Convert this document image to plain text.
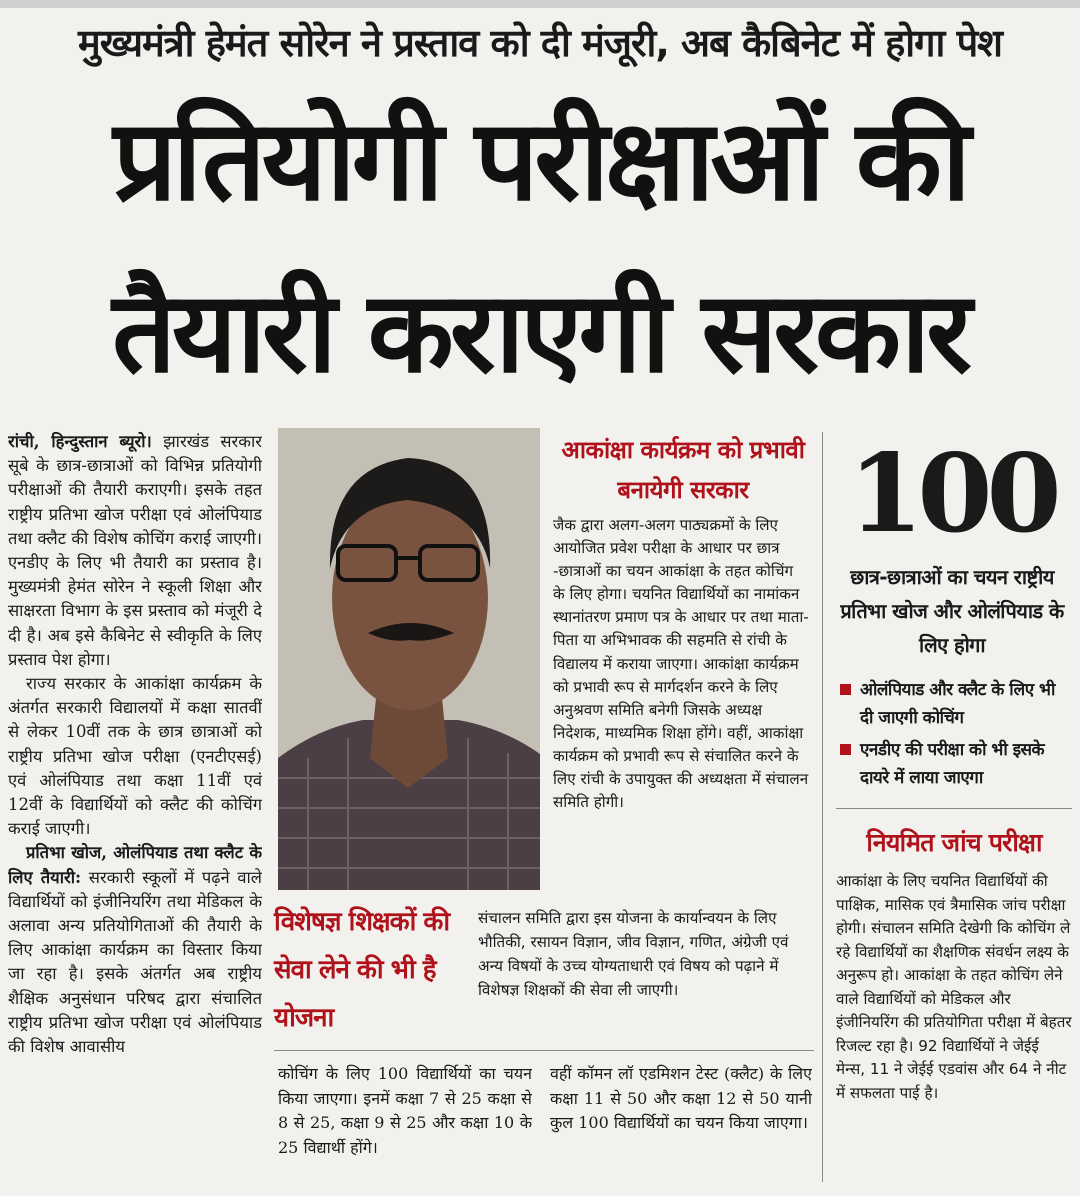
मुख्यमंत्री हेमंत सोरेन ने प्रस्ताव को दी मंजूरी, अब कैबिनेट में होगा पेश
प्रतियोगी परीक्षाओं की
तैयारी कराएगी सरकार

रांची, हिन्दुस्तान ब्यूरो। झारखंड सरकार सूबे के छात्र-छात्राओं को विभिन्न प्रतियोगी परीक्षाओं की तैयारी कराएगी। इसके तहत राष्ट्रीय प्रतिभा खोज परीक्षा एवं ओलंपियाड तथा क्लैट की विशेष कोचिंग कराई जाएगी। एनडीए के लिए भी तैयारी का प्रस्ताव है। मुख्यमंत्री हेमंत सोरेन ने स्कूली शिक्षा और साक्षरता विभाग के इस प्रस्ताव को मंजूरी दे दी है। अब इसे कैबिनेट से स्वीकृति के लिए प्रस्ताव पेश होगा।

राज्य सरकार के आकांक्षा कार्यक्रम के अंतर्गत सरकारी विद्यालयों में कक्षा सातवीं से लेकर 10वीं तक के छात्र छात्राओं को राष्ट्रीय प्रतिभा खोज परीक्षा (एनटीएसई) एवं ओलंपियाड तथा कक्षा 11वीं एवं 12वीं के विद्यार्थियों को क्लैट की कोचिंग कराई जाएगी।

प्रतिभा खोज, ओलंपियाड तथा क्लैट के लिए तैयारी: सरकारी स्कूलों में पढ़ने वाले विद्यार्थियों को इंजीनियरिंग तथा मेडिकल के अलावा अन्य प्रतियोगिताओं की तैयारी के लिए आकांक्षा कार्यक्रम का विस्तार किया जा रहा है। इसके अंतर्गत अब राष्ट्रीय शैक्षिक अनुसंधान परिषद द्वारा संचालित राष्ट्रीय प्रतिभा खोज परीक्षा एवं ओलंपियाड की विशेष आवासीय

आकांक्षा कार्यक्रम को प्रभावी बनायेगी सरकार
जैक द्वारा अलग-अलग पाठ्यक्रमों के लिए आयोजित प्रवेश परीक्षा के आधार पर छात्र -छात्राओं का चयन आकांक्षा के तहत कोचिंग के लिए होगा। चयनित विद्यार्थियों का नामांकन स्थानांतरण प्रमाण पत्र के आधार पर तथा माता-पिता या अभिभावक की सहमति से रांची के विद्यालय में कराया जाएगा। आकांक्षा कार्यक्रम को प्रभावी रूप से मार्गदर्शन करने के लिए अनुश्रवण समिति बनेगी जिसके अध्यक्ष निदेशक, माध्यमिक शिक्षा होंगे। वहीं, आकांक्षा कार्यक्रम को प्रभावी रूप से संचालित करने के लिए रांची के उपायुक्त की अध्यक्षता में संचालन समिति होगी।
100
छात्र-छात्राओं का चयन राष्ट्रीय प्रतिभा खोज और ओलंपियाड के लिए होगा
ओलंपियाड और क्लैट के लिए भी दी जाएगी कोचिंग
एनडीए की परीक्षा को भी इसके दायरे में लाया जाएगा
नियमित जांच परीक्षा
आकांक्षा के लिए चयनित विद्यार्थियों की पाक्षिक, मासिक एवं त्रैमासिक जांच परीक्षा होगी। संचालन समिति देखेगी कि कोचिंग ले रहे विद्यार्थियों का शैक्षणिक संवर्धन लक्ष्य के अनुरूप हो। आकांक्षा के तहत कोचिंग लेने वाले विद्यार्थियों को मेडिकल और इंजीनियरिंग की प्रतियोगिता परीक्षा में बेहतर रिजल्ट रहा है। 92 विद्यार्थियों ने जेईई मेन्स, 11 ने जेईई एडवांस और 64 ने नीट में सफलता पाई है।
विशेषज्ञ शिक्षकों की सेवा लेने की भी है योजना
संचालन समिति द्वारा इस योजना के कार्यान्वयन के लिए भौतिकी, रसायन विज्ञान, जीव विज्ञान, गणित, अंग्रेजी एवं अन्य विषयों के उच्च योग्यताधारी एवं विषय को पढ़ाने में विशेषज्ञ शिक्षकों की सेवा ली जाएगी।
कोचिंग के लिए 100 विद्यार्थियों का चयन किया जाएगा। इनमें कक्षा 7 से 25 कक्षा से 8 से 25, कक्षा 9 से 25 और कक्षा 10 के 25 विद्यार्थी होंगे।
वहीं कॉमन लॉ एडमिशन टेस्ट (क्लैट) के लिए कक्षा 11 से 50 और कक्षा 12 से 50 यानी कुल 100 विद्यार्थियों का चयन किया जाएगा।
